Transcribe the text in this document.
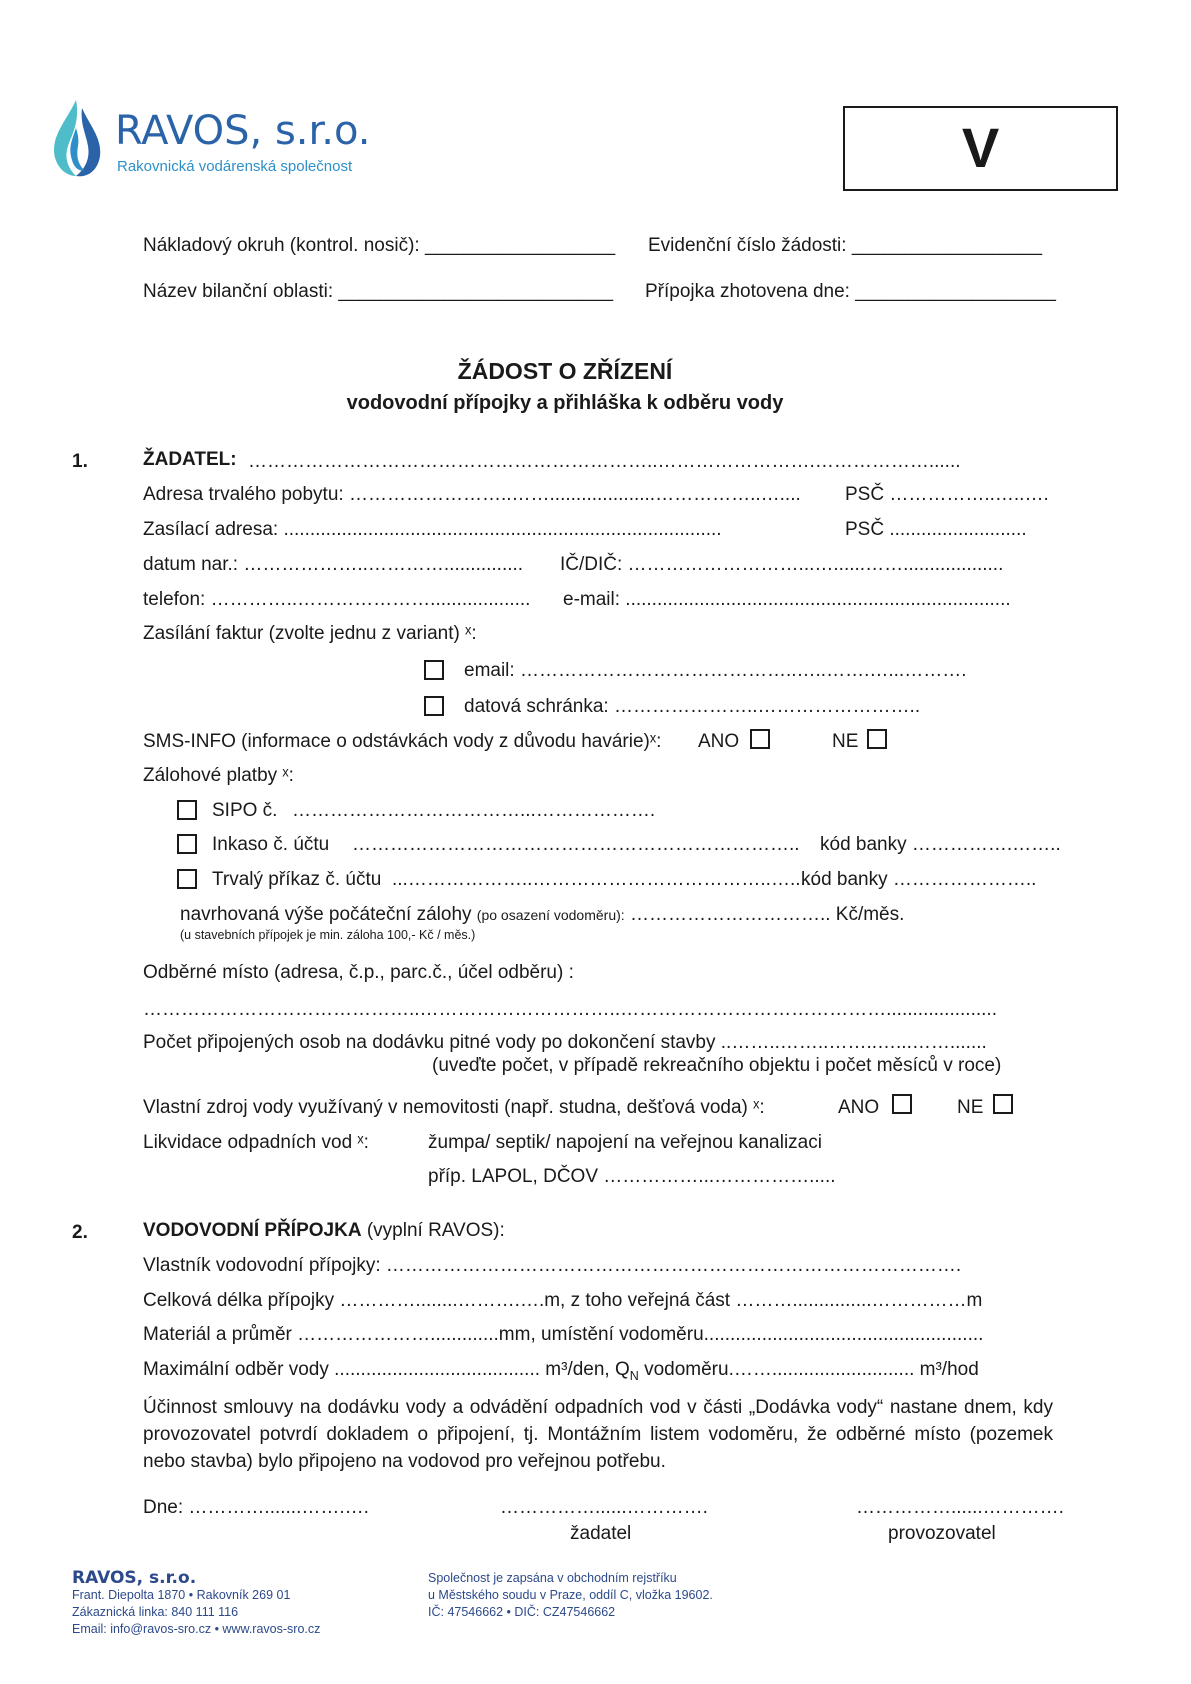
RAVOS, s.r.o.
Rakovnická vodárenská společnost	V
Nákladový okruh (kontrol. nosič): __________________ Evidenční číslo žádosti: __________________
Název bilanční oblasti: __________________________ Přípojka zhotovena dne: ___________________
ŽÁDOST O ZŘÍZENÍ
vodovodní přípojky a přihláška k odběru vody
1.	ŽADATEL: ………………………………………………………..…………………….………………......
Adresa trvalého pobytu: ……………………..……....................……………..….... PSČ ……………..…..….
Zasílací adresa: ...................................................................................	PSČ ..........................
datum nar.: ………………..…………............... IČ/DIČ: ………………………...…......……...................
telefon: …………..…………………................... e-mail: .........................................................................
Zasílání faktur (zvolte jednu z variant) ˣ:
email: ……………………………………..…..…….…...……….
datová schránka: …………………..……………………..
SMS-INFO (informace o odstávkách vody z důvodu havárie)ˣ: ANO	NE
Zálohové platby ˣ:
SIPO č. ………………………………...……………….
Inkaso č. účtu …………………………………………………………….. kód banky …………….……..
Trvalý příkaz č. účtu ...………………..………………………………..….....
kód banky …………………..
navrhovaná výše počáteční zálohy (po osazení vodoměru): ………………………….. Kč/měs.
(u stavebních přípojek je min. záloha 100,- Kč / měs.)
Odběrné místo (adresa, č.p., parc.č., účel odběru) :
……………………………………..…………………………..…………………………………….....................
Počet připojených osob na dodávku pitné vody po dokončení stavby ..……..……..……..…...…….......
(uveďte počet, v případě rekreačního objektu i počet měsíců v roce)
Vlastní zdroj vody využívaný v nemovitosti (např. studna, dešťová voda) ˣ:	ANO	NE
Likvidace odpadních vod ˣ:	žumpa/ septik/ napojení na veřejnou kanalizaci
příp. LAPOL, DČOV ……………...…………….....
2.	VODOVODNÍ PŘÍPOJKA (vyplní RAVOS):
Vlastník vodovodní přípojky: ……………………………………………………………………………….
Celková délka přípojky …………........……….….m, z toho veřejná část ………...............……………m
Materiál a průměr ………………….............mm, umístění vodoměru.....................................................
Maximální odběr vody ....................................... m³/den, $Q_N$ vodoměru.……........................... m³/hod
Účinnost smlouvy na dodávku vody a odvádění odpadních vod v části „Dodávka vody“ nastane dnem, kdy provozovatel potvrdí dokladem o připojení, tj. Montážním listem vodoměru, že odběrné místo (pozemek nebo stavba) bylo připojeno na vodovod pro veřejnou potřebu.
Dne: ………….......…….….	……………......………….	……………......………….
žadatel	provozovatel
RAVOS, s.r.o.
Frant. Diepolta 1870 • Rakovník 269 01
Zákaznická linka: 840 111 116
Email: info@ravos-sro.cz • www.ravos-sro.cz
Společnost je zapsána v obchodním rejstříku
u Městského soudu v Praze, oddíl C, vložka 19602.
IČ: 47546662 • DIČ: CZ47546662
